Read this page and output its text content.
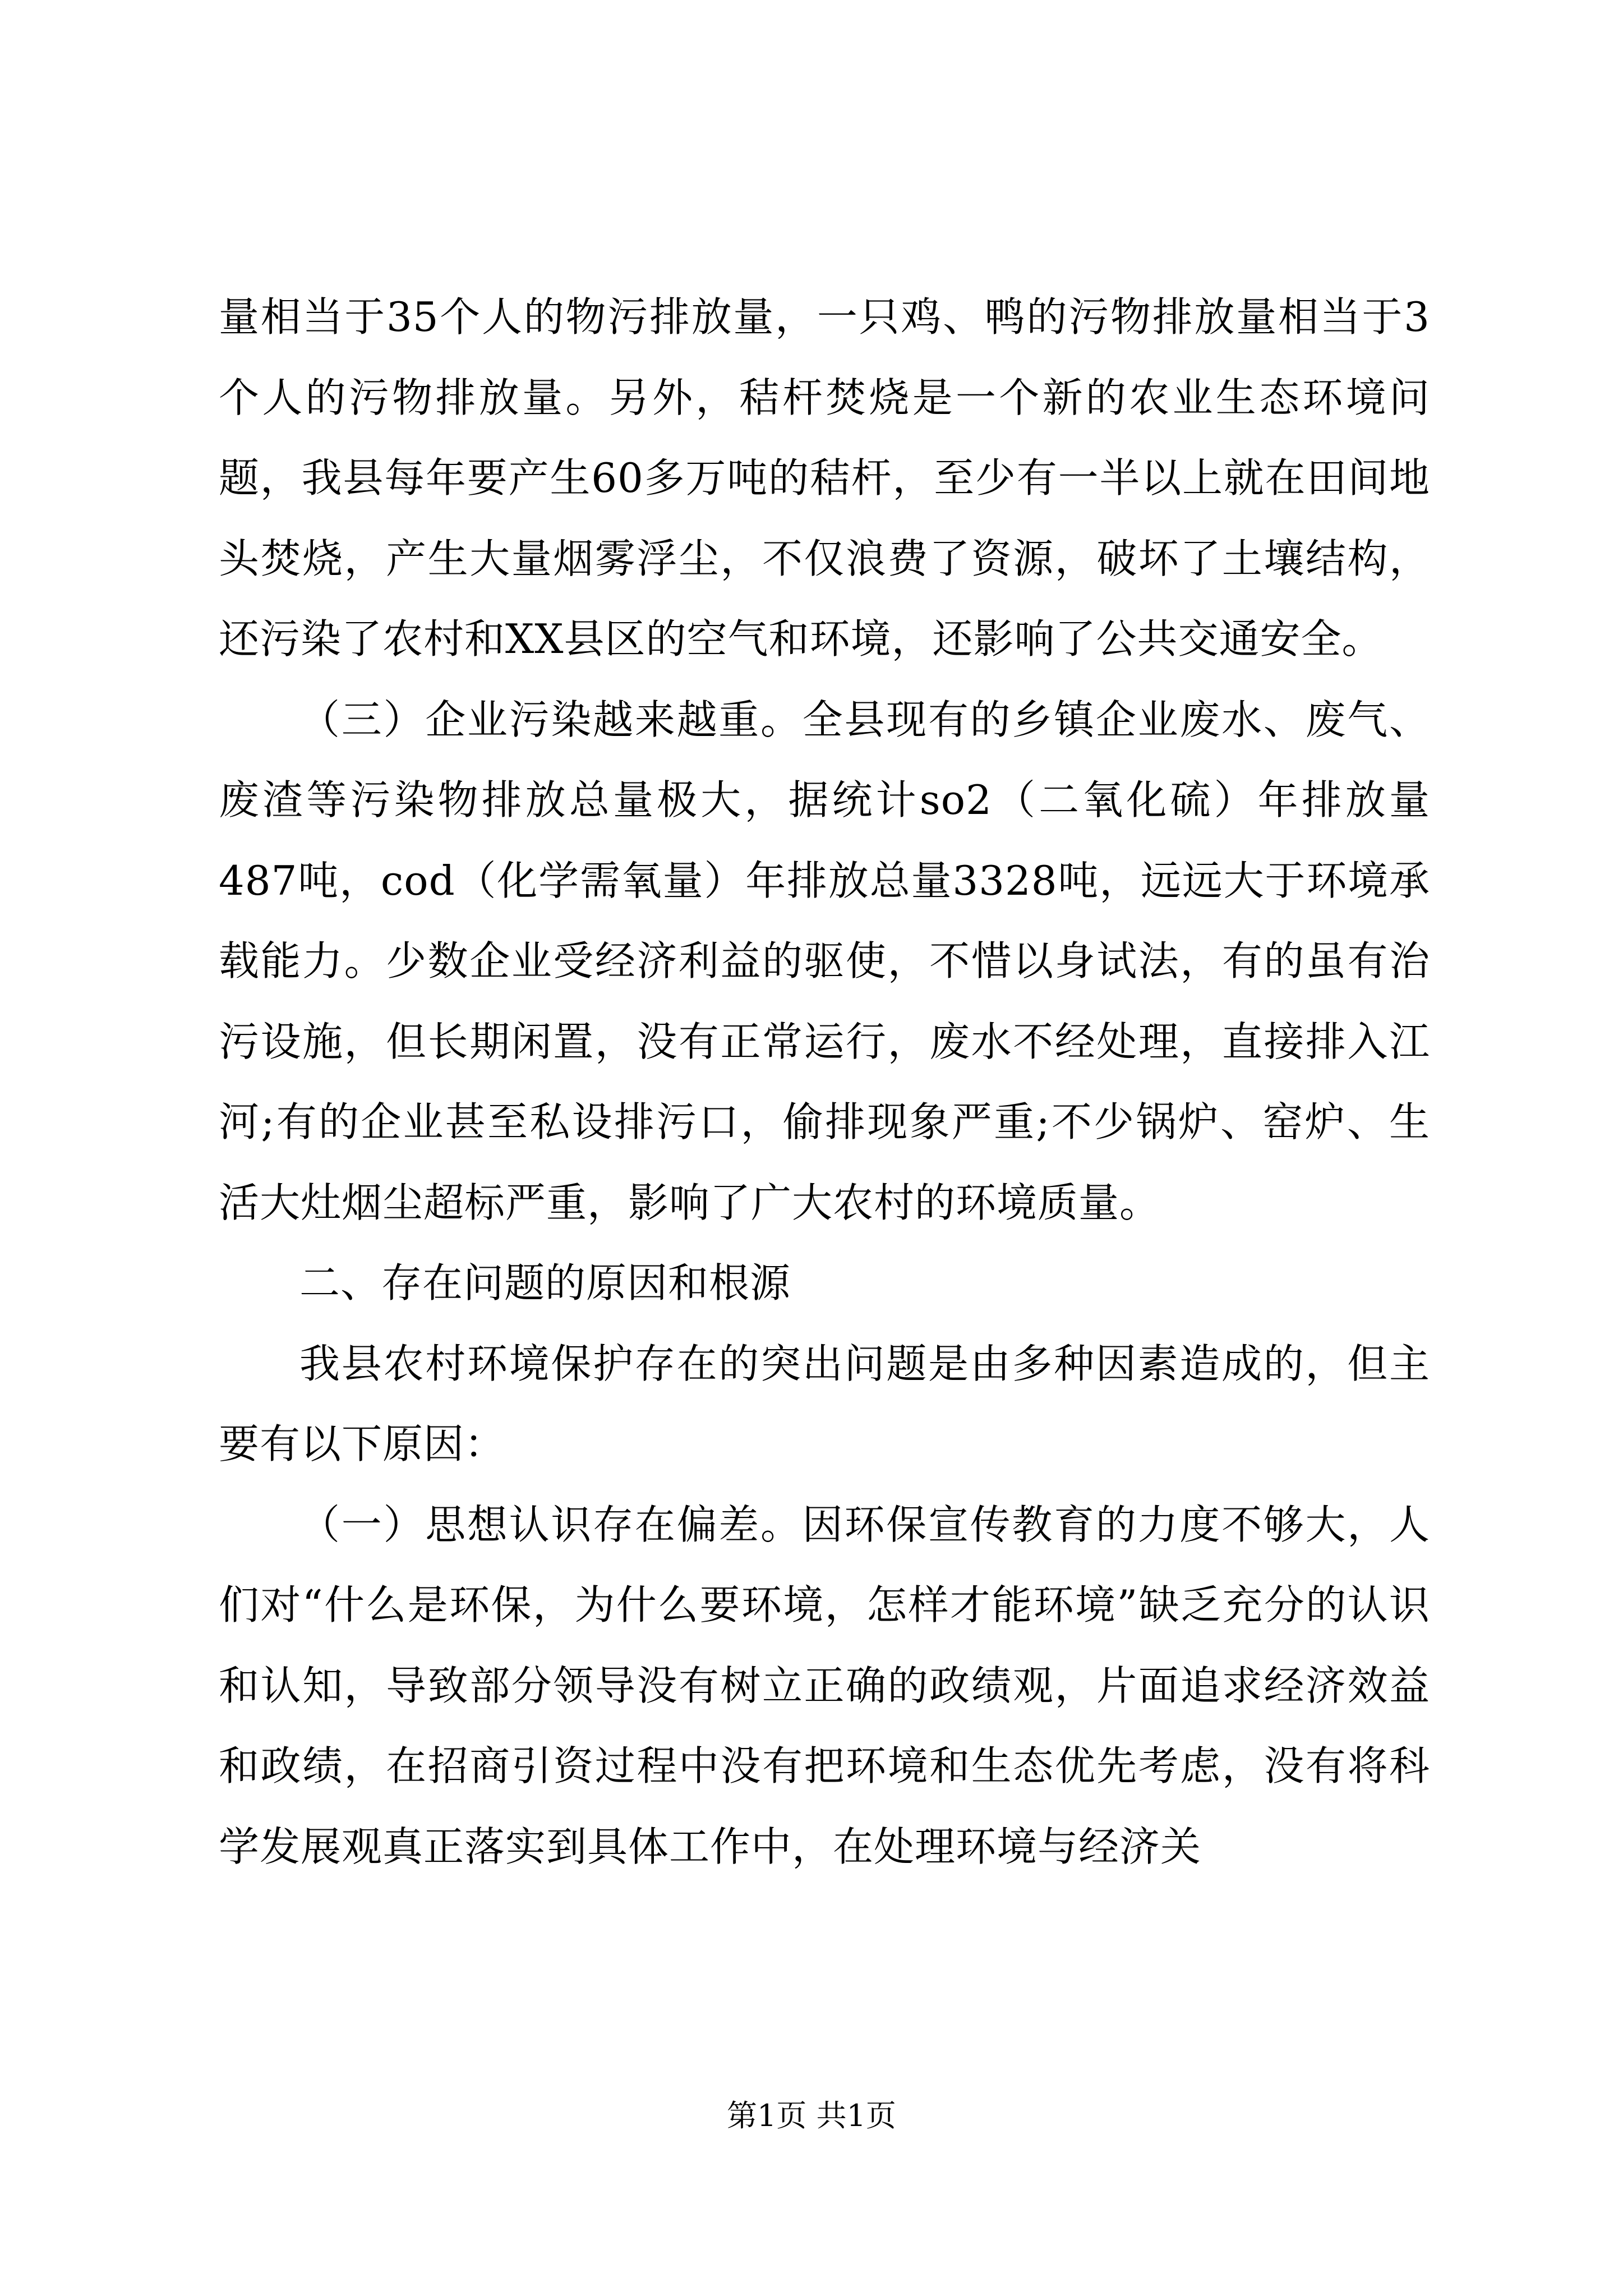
量相当于35个人的物污排放量，一只鸡、鸭的污物排放量相当于3个人的污物排放量。另外，秸杆焚烧是一个新的农业生态环境问题，我县每年要产生60多万吨的秸杆，至少有一半以上就在田间地头焚烧，产生大量烟雾浮尘，不仅浪费了资源，破坏了土壤结构，还污染了农村和XX县区的空气和环境，还影响了公共交通安全。

（三）企业污染越来越重。全县现有的乡镇企业废水、废气、废渣等污染物排放总量极大，据统计so2（二氧化硫）年排放量487吨，cod（化学需氧量）年排放总量3328吨，远远大于环境承载能力。少数企业受经济利益的驱使，不惜以身试法，有的虽有治污设施，但长期闲置，没有正常运行，废水不经处理，直接排入江河;有的企业甚至私设排污口，偷排现象严重;不少锅炉、窑炉、生活大灶烟尘超标严重，影响了广大农村的环境质量。

二、存在问题的原因和根源

我县农村环境保护存在的突出问题是由多种因素造成的，但主要有以下原因：

（一）思想认识存在偏差。因环保宣传教育的力度不够大，人们对“什么是环保，为什么要环境，怎样才能环境”缺乏充分的认识和认知，导致部分领导没有树立正确的政绩观，片面追求经济效益和政绩，在招商引资过程中没有把环境和生态优先考虑，没有将科学发展观真正落实到具体工作中，在处理环境与经济关

第1页 共1页
